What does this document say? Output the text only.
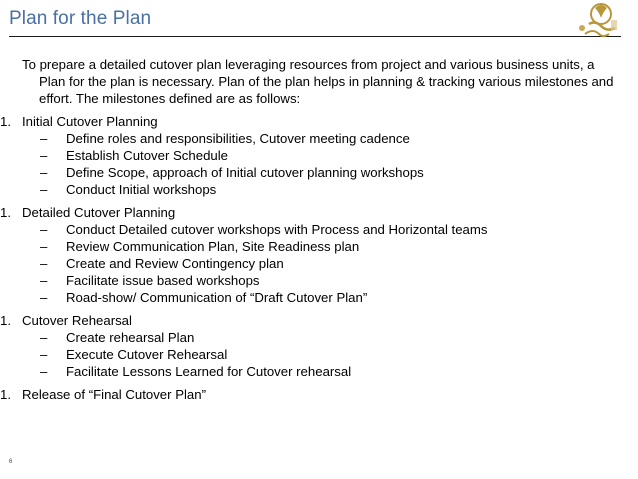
Plan for the Plan

To prepare a detailed cutover plan leveraging resources from project and various business units, a Plan for the plan is necessary. Plan of the plan helps in planning & tracking various milestones and effort. The milestones defined are as follows:

1. Initial Cutover Planning
–	Define roles and responsibilities, Cutover meeting cadence
–	Establish Cutover Schedule
–	Define Scope, approach of Initial cutover planning workshops
–	Conduct Initial workshops
1. Detailed Cutover Planning
–	Conduct Detailed cutover workshops with Process and Horizontal teams
–	Review Communication Plan, Site Readiness plan
–	Create and Review Contingency plan
–	Facilitate issue based workshops
–	Road-show/ Communication of “Draft Cutover Plan”
1. Cutover Rehearsal
–	Create rehearsal Plan
–	Execute Cutover Rehearsal
–	Facilitate Lessons Learned for Cutover rehearsal
1. Release of “Final Cutover Plan”
6
